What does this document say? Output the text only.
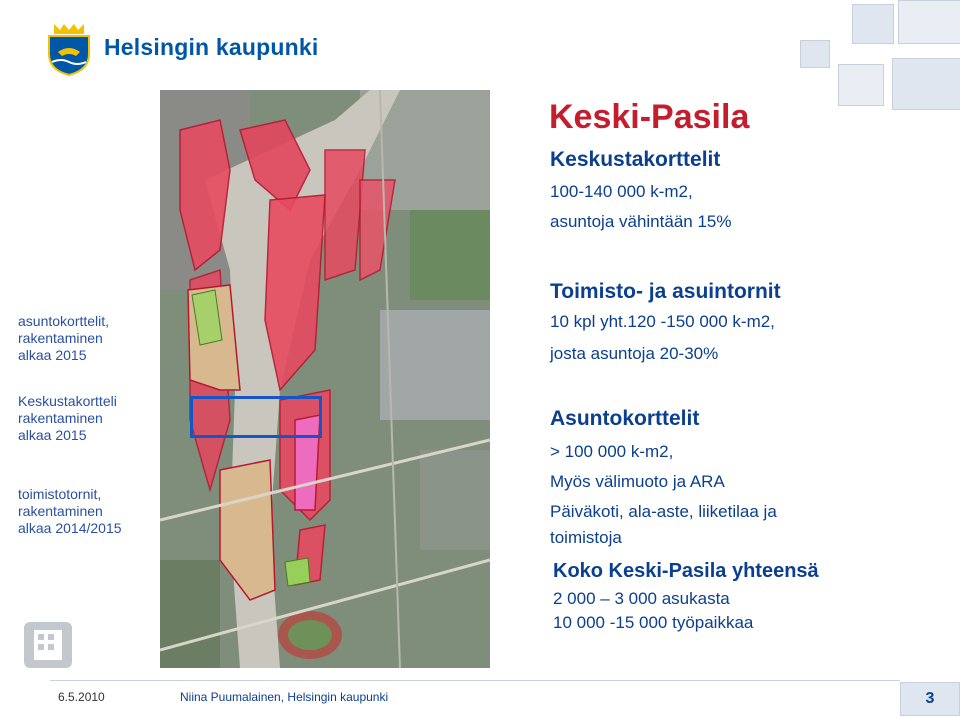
Helsingin kaupunki
asuntokorttelit,
rakentaminen
alkaa 2015
Keskustakortteli
rakentaminen
alkaa 2015
toimistotornit,
rakentaminen
alkaa 2014/2015
Keski-Pasila
Keskustakorttelit
100-140 000 k-m2,
asuntoja vähintään 15%
Toimisto- ja asuintornit
10 kpl yht.120 -150 000 k-m2,
josta asuntoja 20-30%
Asuntokorttelit
> 100 000 k-m2,
Myös välimuoto ja ARA
Päiväkoti, ala-aste, liiketilaa ja
toimistoja
Koko Keski-Pasila yhteensä
2 000 – 3 000 asukasta
10 000 -15 000 työpaikkaa
6.5.2010	Niina Puumalainen, Helsingin kaupunki	3
